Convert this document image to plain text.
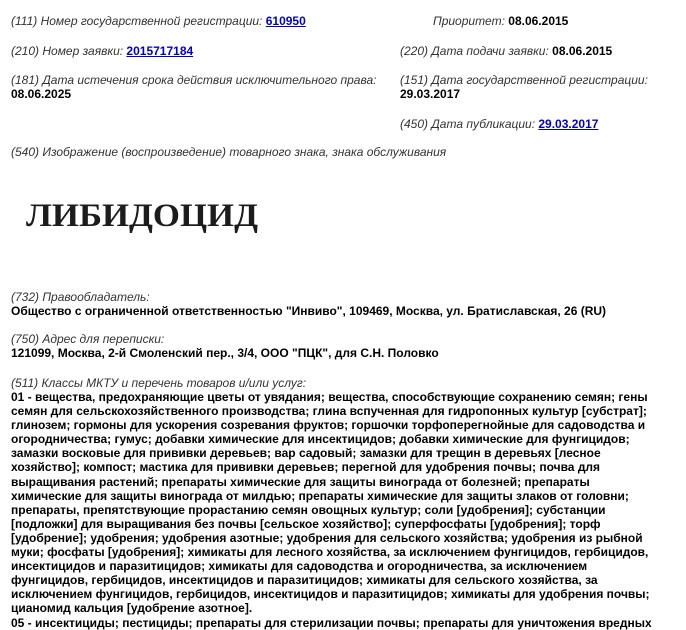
(111) Номер государственной регистрации: 610950	Приоритет: 08.06.2015
(210) Номер заявки: 2015717184	(220) Дата подачи заявки: 08.06.2015
(181) Дата истечения срока действия исключительного права:
08.06.2025
(151) Дата государственной регистрации:
29.03.2017
(450) Дата публикации: 29.03.2017
(540) Изображение (воспроизведение) товарного знака, знака обслуживания
ЛИБИДОЦИД
(732) Правообладатель:
Общество с ограниченной ответственностью "Инвиво", 109469, Москва, ул. Братиславская, 26 (RU)
(750) Адрес для переписки:
121099, Москва, 2-й Смоленский пер., 3/4, ООО "ПЦК", для С.Н. Половко
(511) Классы МКТУ и перечень товаров и/или услуг:
01 - вещества, предохраняющие цветы от увядания; вещества, способствующие сохранению семян; гены
семян для сельскохозяйственного производства; глина вспученная для гидропонных культур [субстрат];
глинозем; гормоны для ускорения созревания фруктов; горшочки торфоперегнойные для садоводства и
огородничества; гумус; добавки химические для инсектицидов; добавки химические для фунгицидов;
замазки восковые для прививки деревьев; вар садовый; замазки для трещин в деревьях [лесное
хозяйство]; компост; мастика для прививки деревьев; перегной для удобрения почвы; почва для
выращивания растений; препараты химические для защиты винограда от болезней; препараты
химические для защиты винограда от милдью; препараты химические для защиты злаков от головни;
препараты, препятствующие прорастанию семян овощных культур; соли [удобрения]; субстанции
[подложки] для выращивания без почвы [сельское хозяйство]; суперфосфаты [удобрения]; торф
[удобрение]; удобрения; удобрения азотные; удобрения для сельского хозяйства; удобрения из рыбной
муки; фосфаты [удобрения]; химикаты для лесного хозяйства, за исключением фунгицидов, гербицидов,
инсектицидов и паразитицидов; химикаты для садоводства и огородничества, за исключением
фунгицидов, гербицидов, инсектицидов и паразитицидов; химикаты для сельского хозяйства, за
исключением фунгицидов, гербицидов, инсектицидов и паразитицидов; химикаты для удобрения почвы;
цианомид кальция [удобрение азотное].
05 - инсектициды; пестициды; препараты для стерилизации почвы; препараты для уничтожения вредных
